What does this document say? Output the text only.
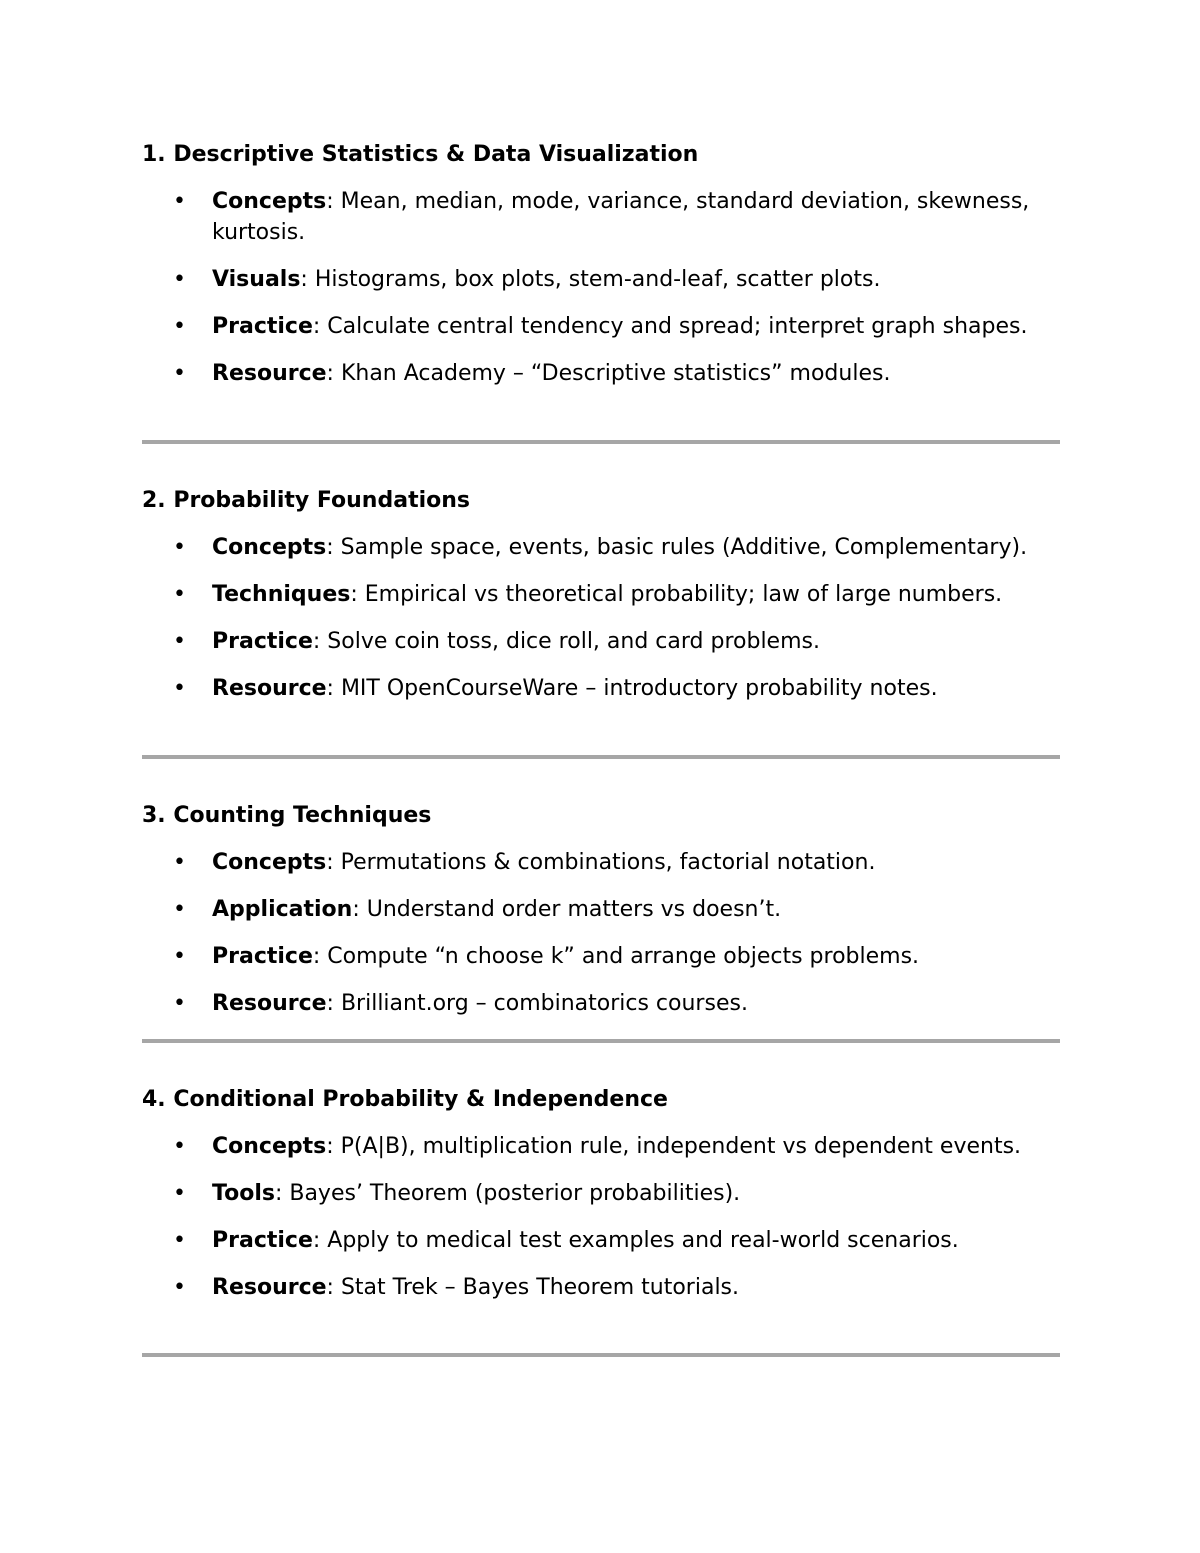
1. Descriptive Statistics & Data Visualization
• Concepts: Mean, median, mode, variance, standard deviation, skewness, kurtosis.
• Visuals: Histograms, box plots, stem-and-leaf, scatter plots.
• Practice: Calculate central tendency and spread; interpret graph shapes.
• Resource: Khan Academy – “Descriptive statistics” modules.
2. Probability Foundations
• Concepts: Sample space, events, basic rules (Additive, Complementary).
• Techniques: Empirical vs theoretical probability; law of large numbers.
• Practice: Solve coin toss, dice roll, and card problems.
• Resource: MIT OpenCourseWare – introductory probability notes.
3. Counting Techniques
• Concepts: Permutations & combinations, factorial notation.
• Application: Understand order matters vs doesn’t.
• Practice: Compute “n choose k” and arrange objects problems.
• Resource: Brilliant.org – combinatorics courses.
4. Conditional Probability & Independence
• Concepts: P(A|B), multiplication rule, independent vs dependent events.
• Tools: Bayes’ Theorem (posterior probabilities).
• Practice: Apply to medical test examples and real-world scenarios.
• Resource: Stat Trek – Bayes Theorem tutorials.
